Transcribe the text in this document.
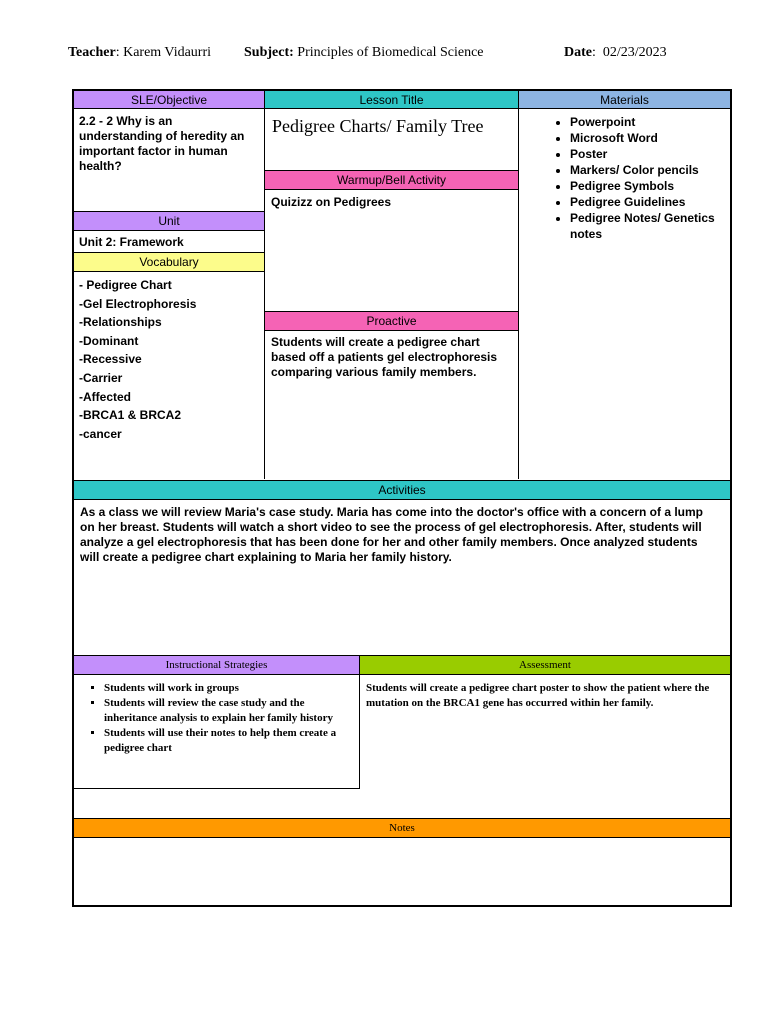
Teacher: Karem Vidaurri Subject: Principles of Biomedical Science	Date:  02/23/2023
SLE/Objective	Lesson Title	Materials
2.2 - 2 Why is an understanding of heredity an important factor in human health?
Pedigree Charts/ Family Tree
•	Powerpoint
• Microsoft Word
• Poster
• Markers/ Color pencils
• Pedigree Symbols
• Pedigree Guidelines
• Pedigree Notes/ Genetics notes
Warmup/Bell Activity
Quizizz on Pedigrees
Unit
Unit 2: Framework
Vocabulary
- Pedigree Chart
-Gel Electrophoresis
-Relationships
-Dominant
-Recessive
-Carrier
-Affected
-BRCA1 & BRCA2
-cancer
Proactive
Students will create a pedigree chart based off a patients gel electrophoresis comparing various family members.
Activities
As a class we will review Maria's case study. Maria has come into the doctor's office with a concern of a lump on her breast. Students will watch a short video to see the process of gel electrophoresis. After, students will analyze a gel electrophoresis that has been done for her and other family members. Once analyzed students will create a pedigree chart explaining to Maria her family history.
Instructional Strategies	Assessment
▪ Students will work in groups
▪ Students will review the case study and the inheritance analysis to explain her family history
▪ Students will use their notes to help them create a pedigree chart
Students will create a pedigree chart poster to show the patient where the mutation on the BRCA1 gene has occurred within her family.
Notes
